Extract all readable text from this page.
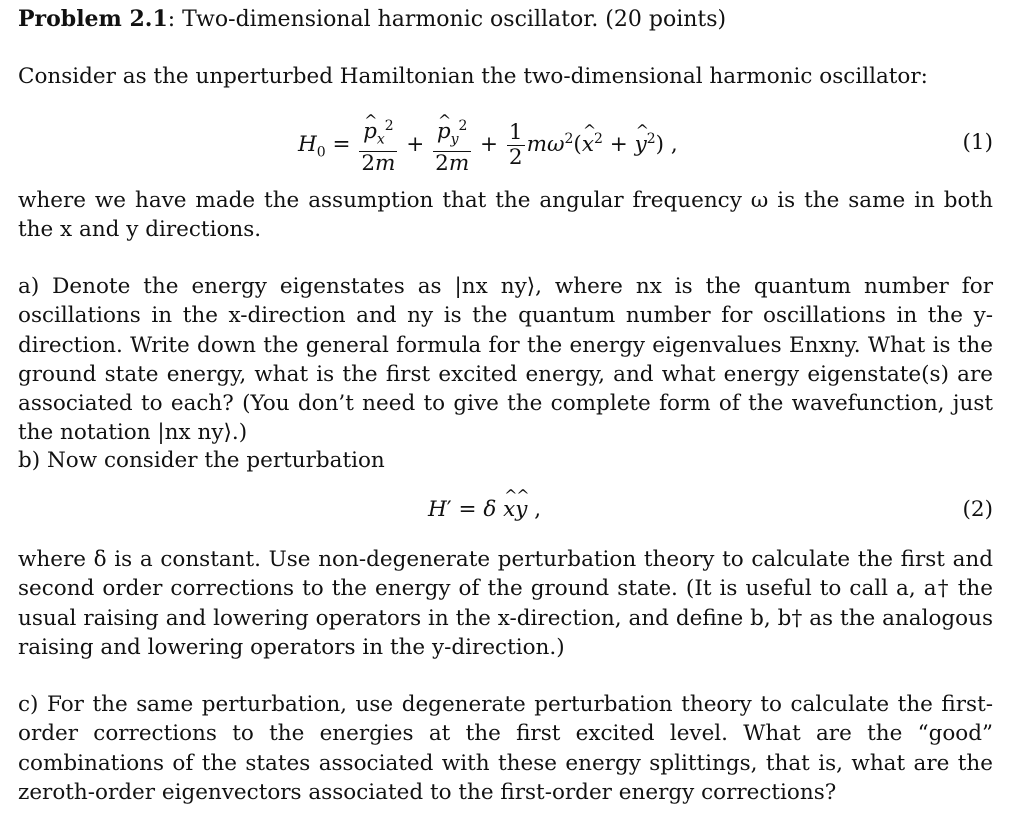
Problem 2.1: Two-dimensional harmonic oscillator. (20 points)
Consider as the unperturbed Hamiltonian the two-dimensional harmonic oscillator:
$H_0$ = ^ $\frac{p_x^2}{2m}$ + ^ $\frac{p_y^2}{2m} + \frac{1}{2}$ $m\omega^2(\^{}$ $x^2$ + ^ $y^2$) ,	(1)
where we have made the assumption that the angular frequency ω is the same in both the x and y directions.
a) Denote the energy eigenstates as |nx ny⟩, where nx is the quantum number for oscillations in the x-direction and ny is the quantum number for oscillations in the y-direction. Write down the general formula for the energy eigenvalues Enxny. What is the ground state energy, what is the first excited energy, and what energy eigenstate(s) are associated to each? (You don’t need to give the complete form of the wavefunction, just the notation |nx ny⟩.)
b) Now consider the perturbation
H′ = δ ^ x^ y ,	(2)
where δ is a constant. Use non-degenerate perturbation theory to calculate the first and second order corrections to the energy of the ground state. (It is useful to call a, a† the usual raising and lowering operators in the x-direction, and define b, b† as the analogous raising and lowering operators in the y-direction.)
c) For the same perturbation, use degenerate perturbation theory to calculate the first-order corrections to the energies at the first excited level. What are the “good” combinations of the states associated with these energy splittings, that is, what are the zeroth-order eigenvectors associated to the first-order energy corrections?
